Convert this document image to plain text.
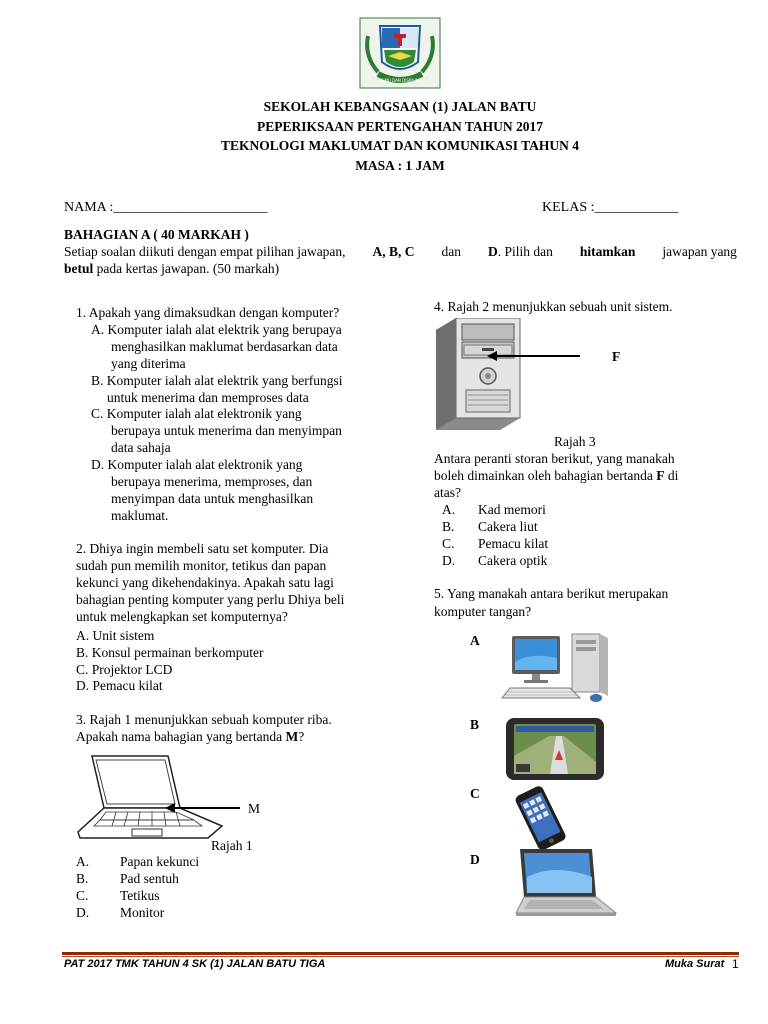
ILMU DAN DISIPLIN
SEKOLAH KEBANGSAAN (1) JALAN BATU
PEPERIKSAAN PERTENGAHAN TAHUN 2017
TEKNOLOGI MAKLUMAT DAN KOMUNIKASI TAHUN 4
MASA : 1 JAM
NAMA :______________________	KELAS :____________
BAHAGIAN A ( 40 MARKAH )
Setiap soalan diikuti dengan empat pilihan jawapan, A, B, C dan D. Pilih dan hitamkan jawapan yang
betul pada kertas jawapan. (50 markah)
1. Apakah yang dimaksudkan dengan komputer?
A. Komputer ialah alat elektrik yang berupaya
menghasilkan maklumat berdasarkan data
yang diterima
B. Komputer ialah alat elektrik yang berfungsi
untuk menerima dan memproses data
C. Komputer ialah alat elektronik yang
berupaya untuk menerima dan menyimpan
data sahaja
D. Komputer ialah alat elektronik yang
berupaya menerima, memproses, dan
menyimpan data untuk menghasilkan
maklumat.
2. Dhiya ingin membeli satu set komputer. Dia
sudah pun memilih monitor, tetikus dan papan
kekunci yang dikehendakinya. Apakah satu lagi
bahagian penting komputer yang perlu Dhiya beli
untuk melengkapkan set komputernya?
A. Unit sistem
B. Konsul permainan berkomputer
C. Projektor LCD
D. Pemacu kilat
3. Rajah 1 menunjukkan sebuah komputer riba.
Apakah nama bahagian yang bertanda M?
M
Rajah 1
A. Papan kekunci
B. Pad sentuh
C. Tetikus
D. Monitor
4. Rajah 2 menunjukkan sebuah unit sistem.
F
Rajah 3
Antara peranti storan berikut, yang manakah
boleh dimainkan oleh bahagian bertanda F di
atas?
A. Kad memori
B. Cakera liut
C. Pemacu kilat
D. Cakera optik
5. Yang manakah antara berikut merupakan
komputer tangan?
A
B
C
D
PAT 2017 TMK TAHUN 4 SK (1) JALAN BATU TIGA	Muka Surat 1
